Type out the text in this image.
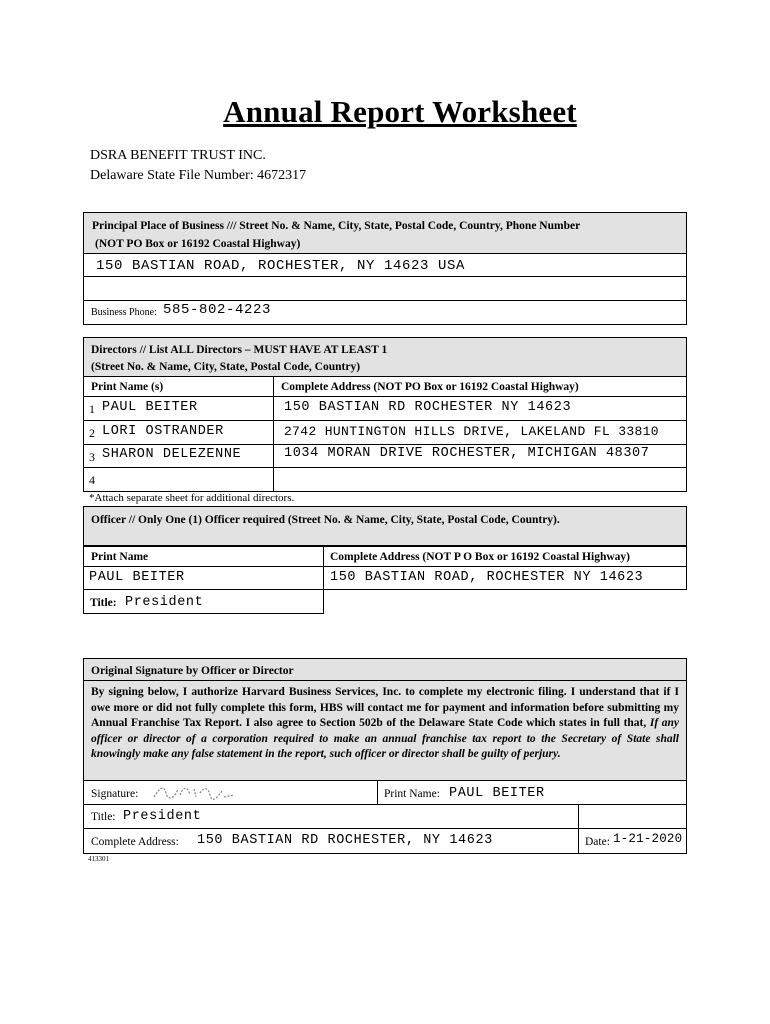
Annual Report Worksheet
DSRA BENEFIT TRUST INC.
Delaware State File Number: 4672317
Principal Place of Business /// Street No. & Name, City, State, Postal Code, Country, Phone Number
(NOT PO Box or 16192 Coastal Highway)
150 BASTIAN ROAD, ROCHESTER, NY 14623 USA
Business Phone: 585-802-4223
Directors // List ALL Directors – MUST HAVE AT LEAST 1
(Street No. & Name, City, State, Postal Code, Country)
Print Name (s)	Complete Address (NOT PO Box or 16192 Coastal Highway)
1 PAUL BEITER	150 BASTIAN RD ROCHESTER NY 14623
2 LORI OSTRANDER	2742 HUNTINGTON HILLS DRIVE, LAKELAND FL 33810
3 SHARON DELEZENNE	1034 MORAN DRIVE ROCHESTER, MICHIGAN 48307
4
*Attach separate sheet for additional directors.
Officer // Only One (1) Officer required (Street No. & Name, City, State, Postal Code, Country).
Print Name	Complete Address (NOT P O Box or 16192 Coastal Highway)
PAUL BEITER	150 BASTIAN ROAD, ROCHESTER NY 14623
Title: President
Original Signature by Officer or Director
By signing below, I authorize Harvard Business Services, Inc. to complete my electronic filing. I understand that if I owe more or did not fully complete this form, HBS will contact me for payment and information before submitting my Annual Franchise Tax Report. I also agree to Section 502b of the Delaware State Code which states in full that, If any officer or director of a corporation required to make an annual franchise tax report to the Secretary of State shall knowingly make any false statement in the report, such officer or director shall be guilty of perjury.
Signature:	Print Name: PAUL BEITER
Title: President
Complete Address: 150 BASTIAN RD ROCHESTER, NY 14623	Date: 1-21-2020
413301
